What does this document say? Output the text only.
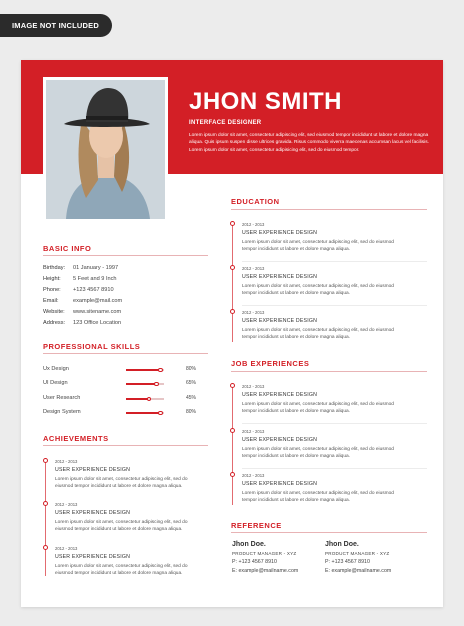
IMAGE NOT INCLUDED
JHON SMITH
INTERFACE DESIGNER
Lorem ipsum dolor sit amet, consectetur adipiscing elit, sed eiusmod tempor incididunt ut labore et dolore magna aliqua. Quis ipsum suspen disse ultrices gravida. Risus commodo viverra maecenas accumsan lacus vel facilisis. Lorem ipsum dolor sit amet, consectetur adipisicing elit, sed do eiusmod tempor.
BASIC INFO
Birthday: 01 January - 1997
Height: 5 Feet and 9 Inch
Phone: +123 4567 8910
Email:	example@mail.com
Website: www.sitename.com
Address: 123 Office Location
PROFESSIONAL SKILLS
Ux Design	80%
UI Design	65%
User Research	45%
Design System	80%
ACHIEVEMENTS
2012 - 2013
USER EXPERIENCE DESIGN
Lorem ipsum dolor sit amet, consectetur adipiscing elit, sed do
eiusmod tempor incididunt ut labore et dolore magna aliqua.
2012 - 2013
USER EXPERIENCE DESIGN
Lorem ipsum dolor sit amet, consectetur adipiscing elit, sed do
eiusmod tempor incididunt ut labore et dolore magna aliqua.
2012 - 2013
USER EXPERIENCE DESIGN
Lorem ipsum dolor sit amet, consectetur adipiscing elit, sed do
eiusmod tempor incididunt ut labore et dolore magna aliqua.
EDUCATION
2012 - 2013
USER EXPERIENCE DESIGN
Lorem ipsum dolor sit amet, consectetur adipiscing elit, sed do eiusmod
tempor incididunt ut labore et dolore magna aliqua.
2012 - 2013
USER EXPERIENCE DESIGN
Lorem ipsum dolor sit amet, consectetur adipiscing elit, sed do eiusmod
tempor incididunt ut labore et dolore magna aliqua.
2012 - 2013
USER EXPERIENCE DESIGN
Lorem ipsum dolor sit amet, consectetur adipiscing elit, sed do eiusmod
tempor incididunt ut labore et dolore magna aliqua.
JOB EXPERIENCES
2012 - 2013
USER EXPERIENCE DESIGN
Lorem ipsum dolor sit amet, consectetur adipiscing elit, sed do eiusmod
tempor incididunt ut labore et dolore magna aliqua.
2012 - 2013
USER EXPERIENCE DESIGN
Lorem ipsum dolor sit amet, consectetur adipiscing elit, sed do eiusmod
tempor incididunt ut labore et dolore magna aliqua.
2012 - 2013
USER EXPERIENCE DESIGN
Lorem ipsum dolor sit amet, consectetur adipiscing elit, sed do eiusmod
tempor incididunt ut labore et dolore magna aliqua.
REFERENCE
Jhon Doe.
PRODUCT MANAGER - XYZ
P: +123 4567 8910
E: example@mailname.com
Jhon Doe.
PRODUCT MANAGER - XYZ
P: +123 4567 8910
E: example@mailname.com
